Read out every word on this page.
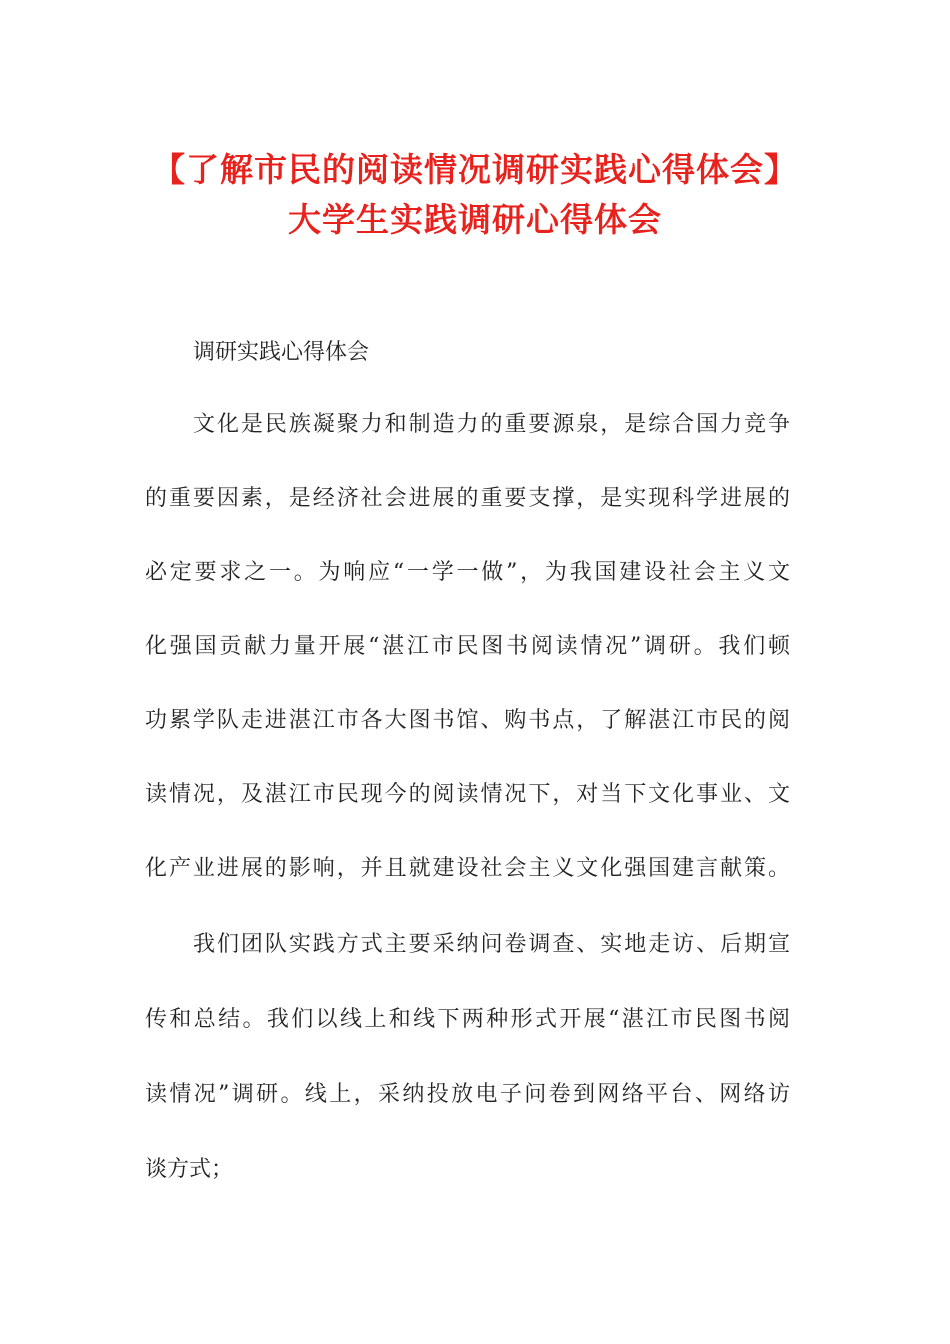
【了解市民的阅读情况调研实践心得体会】
大学生实践调研心得体会
调研实践心得体会
文化是民族凝聚力和制造力的重要源泉，是综合国力竞争
的重要因素，是经济社会进展的重要支撑，是实现科学进展的
必定要求之一。为响应“一学一做”，为我国建设社会主义文
化强国贡献力量开展“湛江市民图书阅读情况”调研。我们顿
功累学队走进湛江市各大图书馆、购书点，了解湛江市民的阅
读情况，及湛江市民现今的阅读情况下，对当下文化事业、文
化产业进展的影响，并且就建设社会主义文化强国建言献策。
我们团队实践方式主要采纳问卷调查、实地走访、后期宣
传和总结。我们以线上和线下两种形式开展“湛江市民图书阅
读情况”调研。线上，采纳投放电子问卷到网络平台、网络访
谈方式；
